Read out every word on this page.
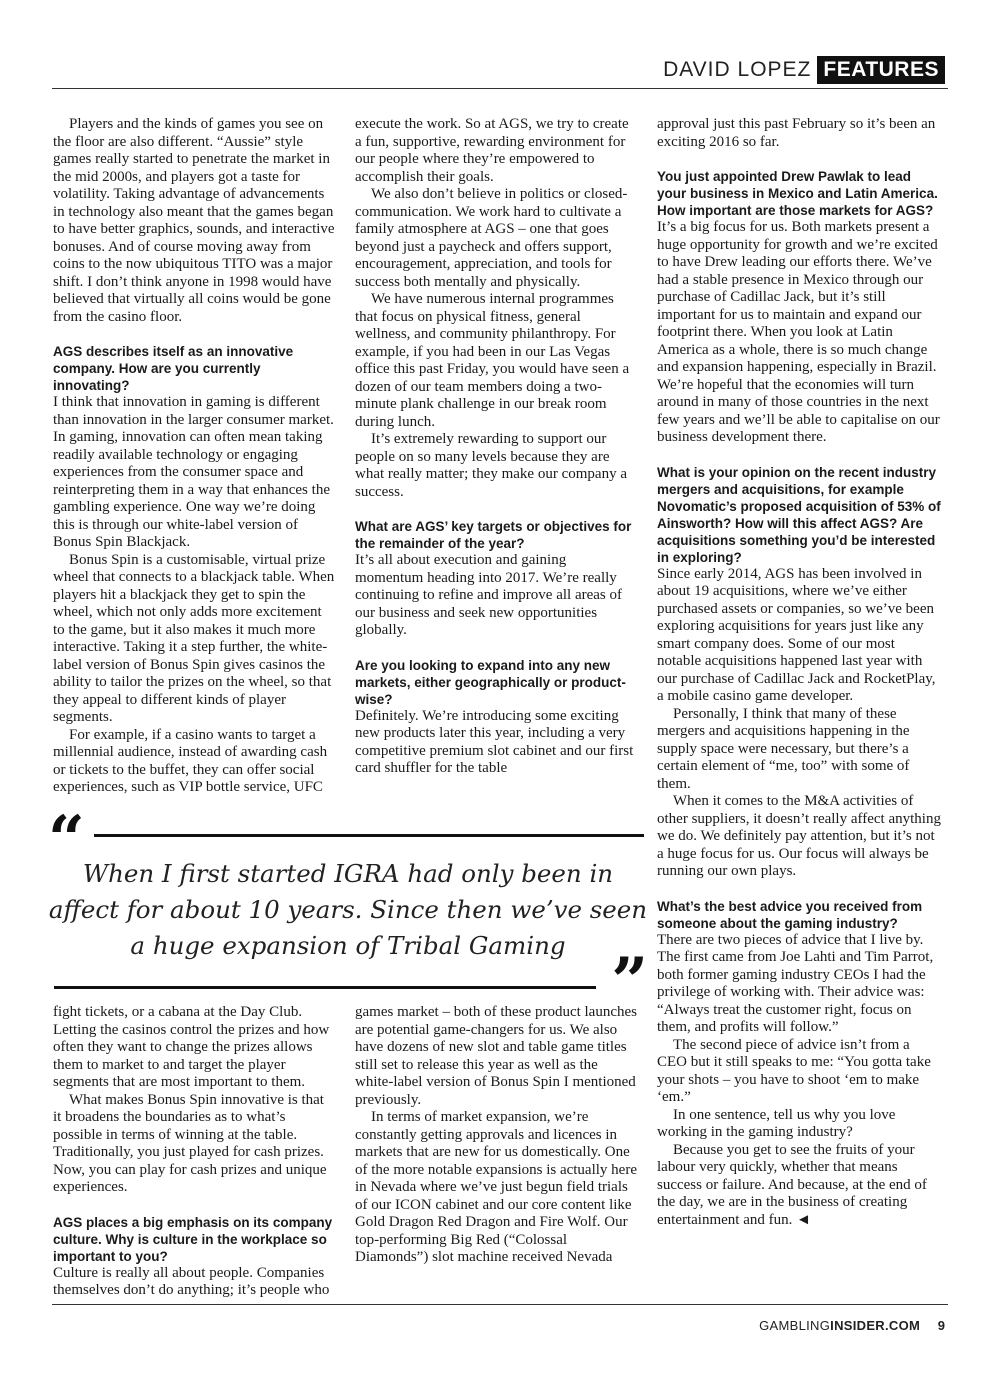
DAVID LOPEZ FEATURES

Players and the kinds of games you see on the floor are also different. “Aussie” style games really started to penetrate the market in the mid 2000s, and players got a taste for volatility. Taking advantage of advancements in technology also meant that the games began to have better graphics, sounds, and interactive bonuses. And of course moving away from coins to the now ubiquitous TITO was a major shift. I don’t think anyone in 1998 would have believed that virtually all coins would be gone from the casino floor.

AGS describes itself as an innovative company. How are you currently innovating?

I think that innovation in gaming is different than innovation in the larger consumer market. In gaming, innovation can often mean taking readily available technology or engaging experiences from the consumer space and reinterpreting them in a way that enhances the gambling experience. One way we’re doing this is through our white-label version of Bonus Spin Blackjack.

Bonus Spin is a customisable, virtual prize wheel that connects to a blackjack table. When players hit a blackjack they get to spin the wheel, which not only adds more excitement to the game, but it also makes it much more interactive. Taking it a step further, the white-label version of Bonus Spin gives casinos the ability to tailor the prizes on the wheel, so that they appeal to different kinds of player segments.

For example, if a casino wants to target a millennial audience, instead of awarding cash or tickets to the buffet, they can offer social experiences, such as VIP bottle service, UFC

execute the work. So at AGS, we try to create a fun, supportive, rewarding environment for our people where they’re empowered to accomplish their goals.

We also don’t believe in politics or closed-communication. We work hard to cultivate a family atmosphere at AGS – one that goes beyond just a paycheck and offers support, encouragement, appreciation, and tools for success both mentally and physically.

We have numerous internal programmes that focus on physical fitness, general wellness, and community philanthropy. For example, if you had been in our Las Vegas office this past Friday, you would have seen a dozen of our team members doing a two-minute plank challenge in our break room during lunch.

It’s extremely rewarding to support our people on so many levels because they are what really matter; they make our company a success.

What are AGS’ key targets or objectives for the remainder of the year?

It’s all about execution and gaining momentum heading into 2017. We’re really continuing to refine and improve all areas of our business and seek new opportunities globally.

Are you looking to expand into any new markets, either geographically or product-wise?

Definitely. We’re introducing some exciting new products later this year, including a very competitive premium slot cabinet and our first card shuffler for the table

approval just this past February so it’s been an exciting 2016 so far.

You just appointed Drew Pawlak to lead your business in Mexico and Latin America. How important are those markets for AGS?

It’s a big focus for us. Both markets present a huge opportunity for growth and we’re excited to have Drew leading our efforts there. We’ve had a stable presence in Mexico through our purchase of Cadillac Jack, but it’s still important for us to maintain and expand our footprint there. When you look at Latin America as a whole, there is so much change and expansion happening, especially in Brazil. We’re hopeful that the economies will turn around in many of those countries in the next few years and we’ll be able to capitalise on our business development there.

What is your opinion on the recent industry mergers and acquisitions, for example Novomatic’s proposed acquisition of 53% of Ainsworth? How will this affect AGS? Are acquisitions something you’d be interested in exploring?

Since early 2014, AGS has been involved in about 19 acquisitions, where we’ve either purchased assets or companies, so we’ve been exploring acquisitions for years just like any smart company does. Some of our most notable acquisitions happened last year with our purchase of Cadillac Jack and RocketPlay, a mobile casino game developer.

Personally, I think that many of these mergers and acquisitions happening in the supply space were necessary, but there’s a certain element of “me, too” with some of them.

When it comes to the M&A activities of other suppliers, it doesn’t really affect anything we do. We definitely pay attention, but it’s not a huge focus for us. Our focus will always be running our own plays.

What’s the best advice you received from someone about the gaming industry?

There are two pieces of advice that I live by. The first came from Joe Lahti and Tim Parrot, both former gaming industry CEOs I had the privilege of working with. Their advice was: “Always treat the customer right, focus on them, and profits will follow.”

The second piece of advice isn’t from a CEO but it still speaks to me: “You gotta take your shots – you have to shoot ‘em to make ‘em.”

In one sentence, tell us why you love working in the gaming industry?

Because you get to see the fruits of your labour very quickly, whether that means success or failure. And because, at the end of the day, we are in the business of creating entertainment and fun. ◄

“
When I first started IGRA had only been in affect for about 10 years. Since then we’ve seen a huge expansion of Tribal Gaming ”

fight tickets, or a cabana at the Day Club. Letting the casinos control the prizes and how often they want to change the prizes allows them to market to and target the player segments that are most important to them.

What makes Bonus Spin innovative is that it broadens the boundaries as to what’s possible in terms of winning at the table. Traditionally, you just played for cash prizes. Now, you can play for cash prizes and unique experiences.

AGS places a big emphasis on its company culture. Why is culture in the workplace so important to you?

Culture is really all about people. Companies themselves don’t do anything; it’s people who

games market – both of these product launches are potential game-changers for us. We also have dozens of new slot and table game titles still set to release this year as well as the white-label version of Bonus Spin I mentioned previously.

In terms of market expansion, we’re constantly getting approvals and licences in markets that are new for us domestically. One of the more notable expansions is actually here in Nevada where we’ve just begun field trials of our ICON cabinet and our core content like Gold Dragon Red Dragon and Fire Wolf. Our top-performing Big Red (“Colossal Diamonds”) slot machine received Nevada

GAMBLINGINSIDER.COM 9
